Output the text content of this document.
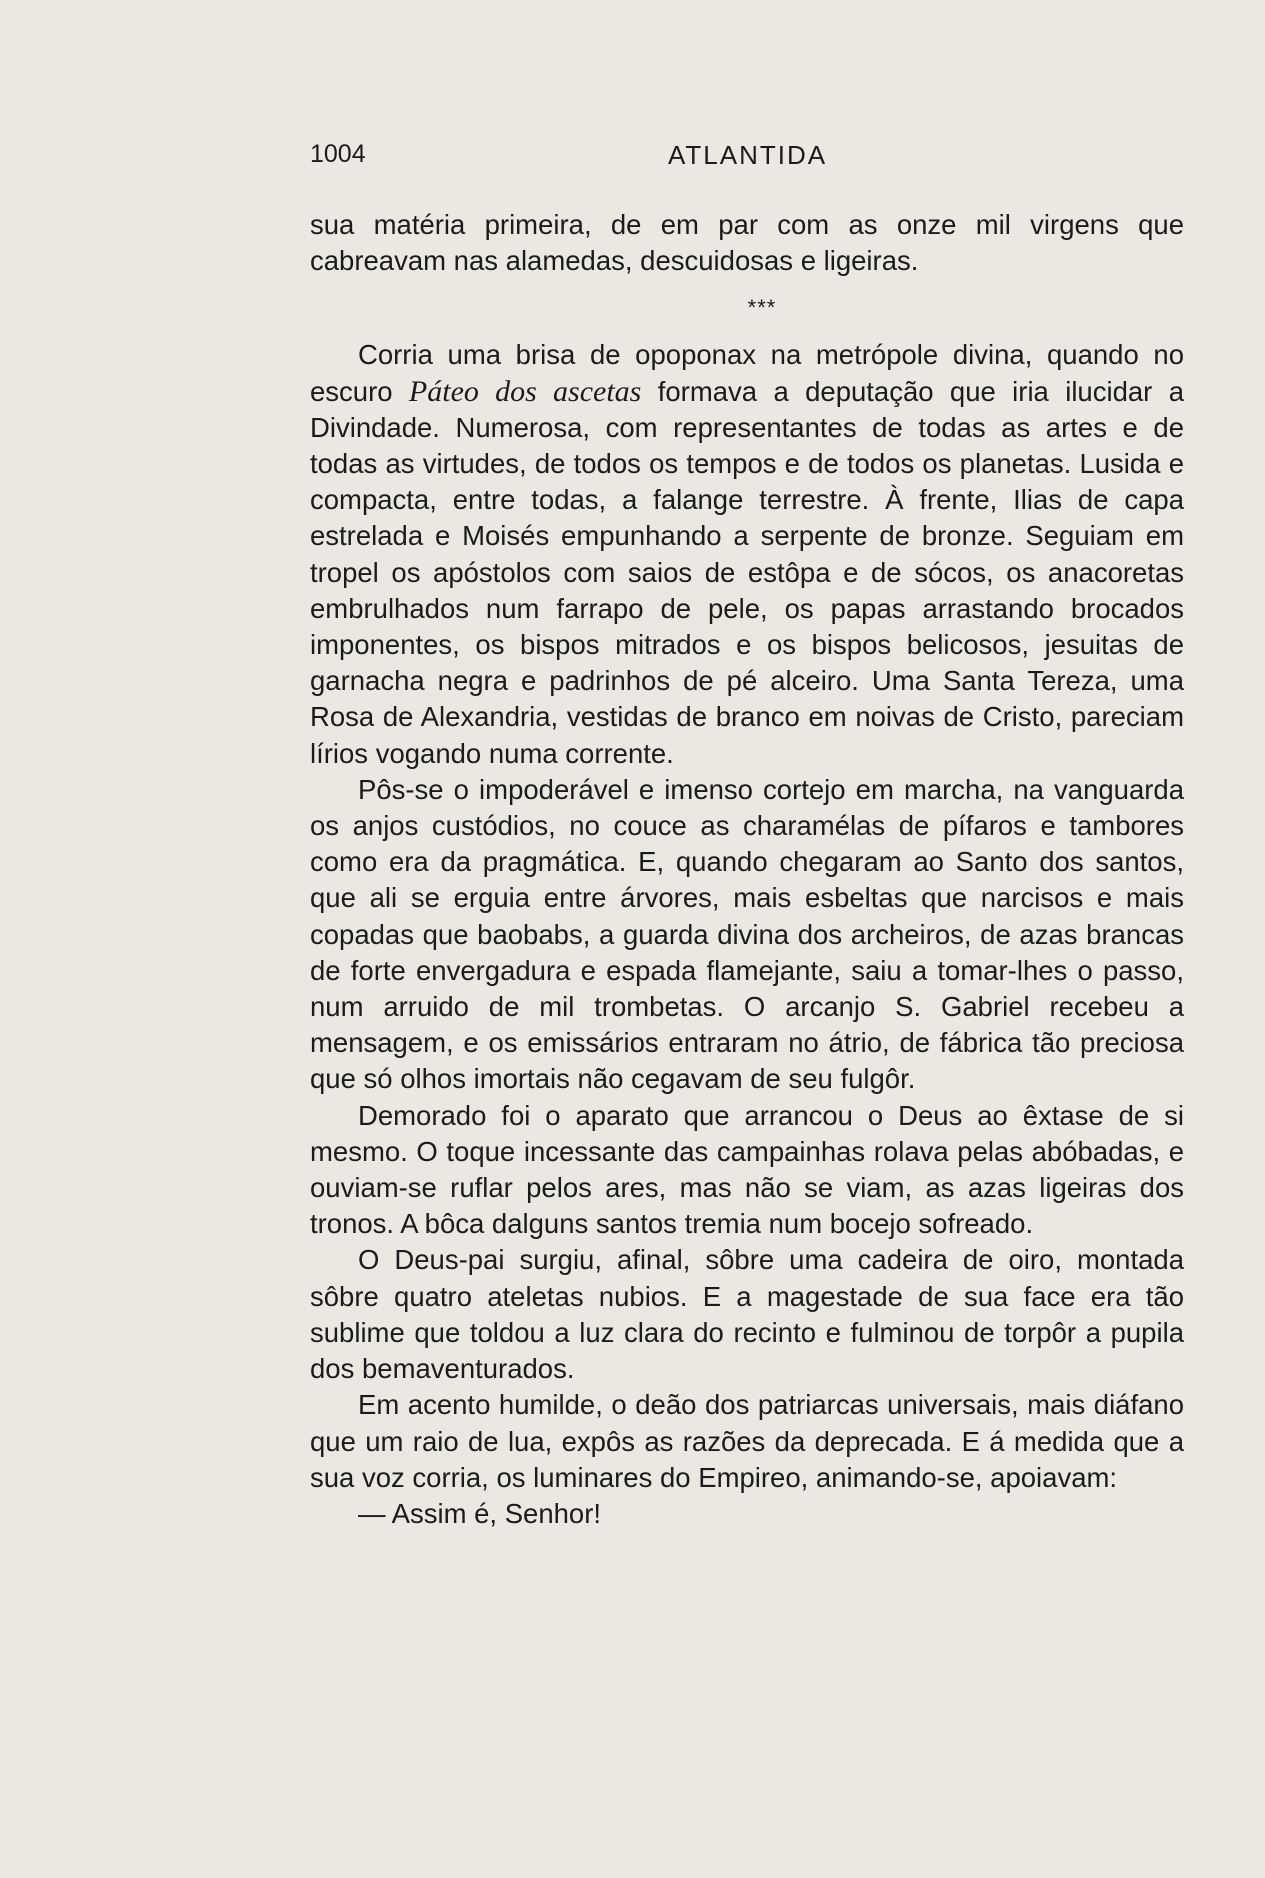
1004	ATLANTIDA

sua matéria primeira, de em par com as onze mil virgens que cabreavam nas alamedas, descuidosas e ligeiras.

***

Corria uma brisa de opoponax na metrópole divina, quando no escuro Páteo dos ascetas formava a deputação que iria ilucidar a Divindade. Numerosa, com representantes de todas as artes e de todas as virtudes, de todos os tempos e de todos os planetas. Lusida e compacta, entre todas, a falange terrestre. À frente, Ilias de capa estrelada e Moisés empunhando a serpente de bronze. Seguiam em tropel os apóstolos com saios de estôpa e de sócos, os anacoretas embrulhados num farrapo de pele, os papas arrastando brocados imponentes, os bispos mitrados e os bispos belicosos, jesuitas de garnacha negra e padrinhos de pé alceiro. Uma Santa Tereza, uma Rosa de Alexandria, vestidas de branco em noivas de Cristo, pareciam lírios vogando numa corrente.

Pôs-se o impoderável e imenso cortejo em marcha, na vanguarda os anjos custódios, no couce as charamélas de pífaros e tambores como era da pragmática. E, quando chegaram ao Santo dos santos, que ali se erguia entre árvores, mais esbeltas que narcisos e mais copadas que baobabs, a guarda divina dos archeiros, de azas brancas de forte envergadura e espada flamejante, saiu a tomar-lhes o passo, num arruido de mil trombetas. O arcanjo S. Gabriel recebeu a mensagem, e os emissários entraram no átrio, de fábrica tão preciosa que só olhos imortais não cegavam de seu fulgôr.

Demorado foi o aparato que arrancou o Deus ao êxtase de si mesmo. O toque incessante das campainhas rolava pelas abóbadas, e ouviam-se ruflar pelos ares, mas não se viam, as azas ligeiras dos tronos. A bôca dalguns santos tremia num bocejo sofreado.

O Deus-pai surgiu, afinal, sôbre uma cadeira de oiro, montada sôbre quatro ateletas nubios. E a magestade de sua face era tão sublime que toldou a luz clara do recinto e fulminou de torpôr a pupila dos bemaventurados.

Em acento humilde, o deão dos patriarcas universais, mais diáfano que um raio de lua, expôs as razões da deprecada. E á medida que a sua voz corria, os luminares do Empireo, animando-se, apoiavam:

— Assim é, Senhor!
